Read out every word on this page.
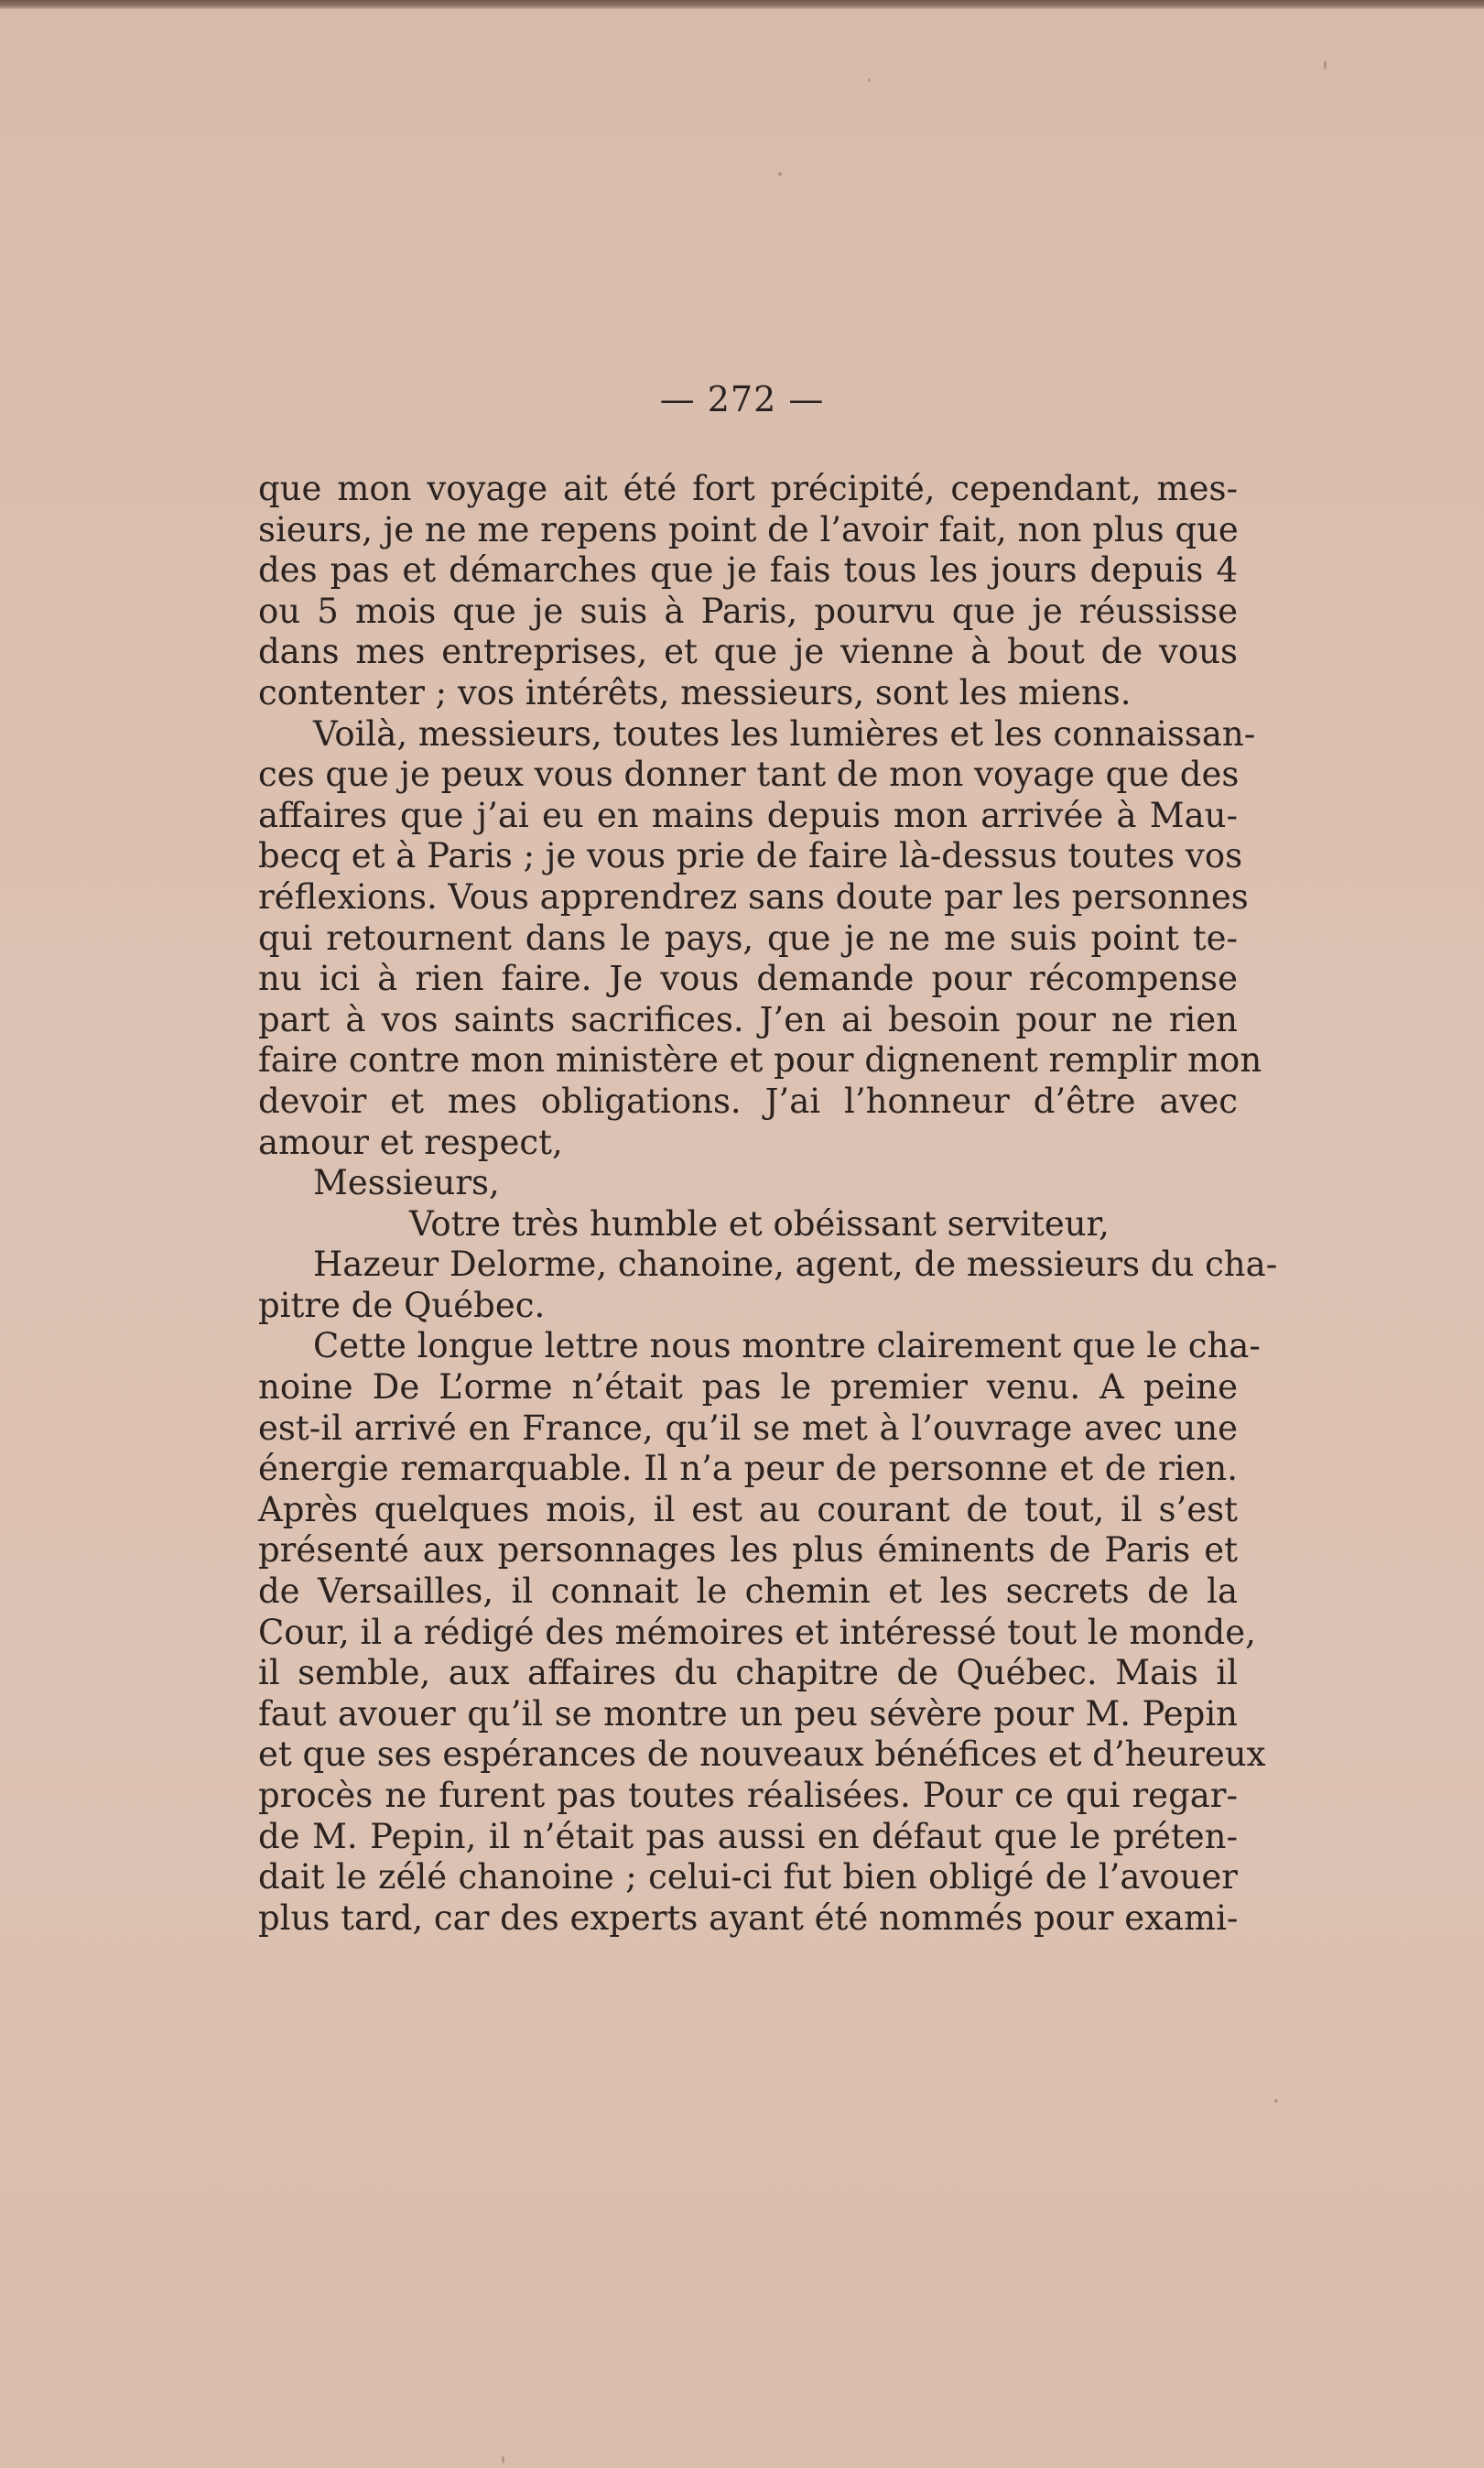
— 272 —
que mon voyage ait été fort précipité, cependant, mes-
sieurs, je ne me repens point de l’avoir fait, non plus que
des pas et démarches que je fais tous les jours depuis 4
ou 5 mois que je suis à Paris, pourvu que je réussisse
dans mes entreprises, et que je vienne à bout de vous
contenter ; vos intérêts, messieurs, sont les miens.
Voilà, messieurs, toutes les lumières et les connaissan-
ces que je peux vous donner tant de mon voyage que des
affaires que j’ai eu en mains depuis mon arrivée à Mau-
becq et à Paris ; je vous prie de faire là-dessus toutes vos
réflexions. Vous apprendrez sans doute par les personnes
qui retournent dans le pays, que je ne me suis point te-
nu ici à rien faire. Je vous demande pour récompense
part à vos saints sacrifices. J’en ai besoin pour ne rien
faire contre mon ministère et pour dignenent remplir mon
devoir et mes obligations. J’ai l’honneur d’être avec
amour et respect,
Messieurs,
Votre très humble et obéissant serviteur,
Hazeur Delorme, chanoine, agent, de messieurs du cha-
pitre de Québec.
Cette longue lettre nous montre clairement que le cha-
noine De L’orme n’était pas le premier venu. A peine
est-il arrivé en France, qu’il se met à l’ouvrage avec une
énergie remarquable. Il n’a peur de personne et de rien.
Après quelques mois, il est au courant de tout, il s’est
présenté aux personnages les plus éminents de Paris et
de Versailles, il connait le chemin et les secrets de la
Cour, il a rédigé des mémoires et intéressé tout le monde,
il semble, aux affaires du chapitre de Québec. Mais il
faut avouer qu’il se montre un peu sévère pour M. Pepin
et que ses espérances de nouveaux bénéfices et d’heureux
procès ne furent pas toutes réalisées. Pour ce qui regar-
de M. Pepin, il n’était pas aussi en défaut que le préten-
dait le zélé chanoine ; celui-ci fut bien obligé de l’avouer
plus tard, car des experts ayant été nommés pour exami-
